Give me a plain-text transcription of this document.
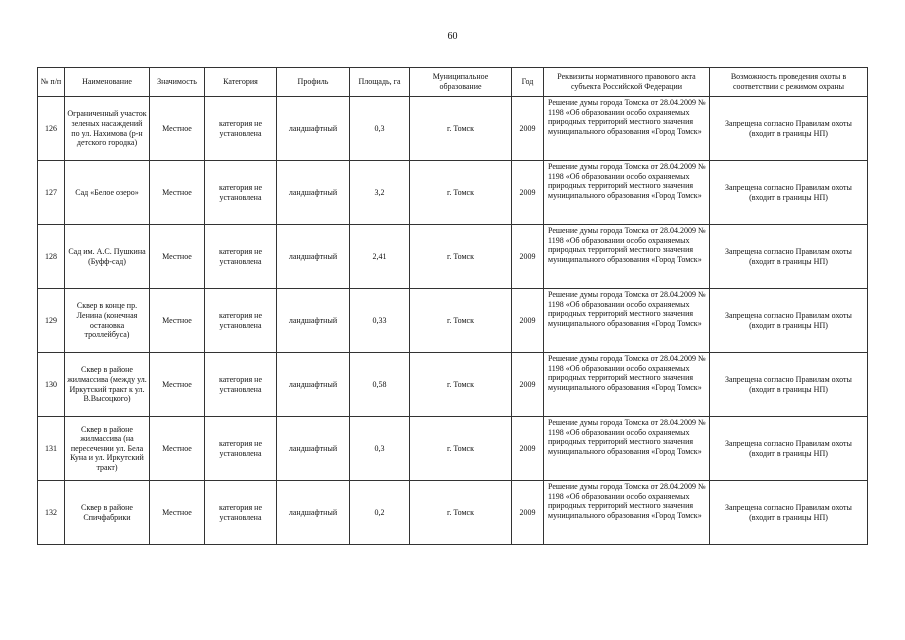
60
№ п/п	Наименование	Значимость	Категория	Профиль	Площадь, га	Муниципальное образование	Год	Реквизиты нормативного правового акта субъекта Российской Федерации	Возможность проведения охоты в соответствии с режимом охраны
126	Ограниченный участок зеленых насаждений по ул. Нахимова (р-н детского городка)	Местное	категория не установлена	ландшафтный	0,3	г. Томск	2009	Решение думы города Томска от 28.04.2009 № 1198 «Об образовании особо охраняемых природных территорий местного значения муниципального образования «Город Томск»	Запрещена согласно Правилам охоты (входит в границы НП)
127	Сад «Белое озеро»	Местное	категория не установлена	ландшафтный	3,2	г. Томск	2009	Решение думы города Томска от 28.04.2009 № 1198 «Об образовании особо охраняемых природных территорий местного значения муниципального образования «Город Томск»	Запрещена согласно Правилам охоты (входит в границы НП)
128	Сад им. А.С. Пушкина (Буфф-сад)	Местное	категория не установлена	ландшафтный	2,41	г. Томск	2009	Решение думы города Томска от 28.04.2009 № 1198 «Об образовании особо охраняемых природных территорий местного значения муниципального образования «Город Томск»	Запрещена согласно Правилам охоты (входит в границы НП)
129	Сквер в конце пр. Ленина (конечная остановка троллейбуса)	Местное	категория не установлена	ландшафтный	0,33	г. Томск	2009	Решение думы города Томска от 28.04.2009 № 1198 «Об образовании особо охраняемых природных территорий местного значения муниципального образования «Город Томск»	Запрещена согласно Правилам охоты (входит в границы НП)
130	Сквер в районе жилмассива (между ул. Иркутский тракт к ул. В.Высоцкого)	Местное	категория не установлена	ландшафтный	0,58	г. Томск	2009	Решение думы города Томска от 28.04.2009 № 1198 «Об образовании особо охраняемых природных территорий местного значения муниципального образования «Город Томск»	Запрещена согласно Правилам охоты (входит в границы НП)
131	Сквер в районе жилмассива (на пересечении ул. Бела Куна и ул. Иркутский тракт)	Местное	категория не установлена	ландшафтный	0,3	г. Томск	2009	Решение думы города Томска от 28.04.2009 № 1198 «Об образовании особо охраняемых природных территорий местного значения муниципального образования «Город Томск»	Запрещена согласно Правилам охоты (входит в границы НП)
132	Сквер в районе Спичфабрики	Местное	категория не установлена	ландшафтный	0,2	г. Томск	2009	Решение думы города Томска от 28.04.2009 № 1198 «Об образовании особо охраняемых природных территорий местного значения муниципального образования «Город Томск»	Запрещена согласно Правилам охоты (входит в границы НП)
